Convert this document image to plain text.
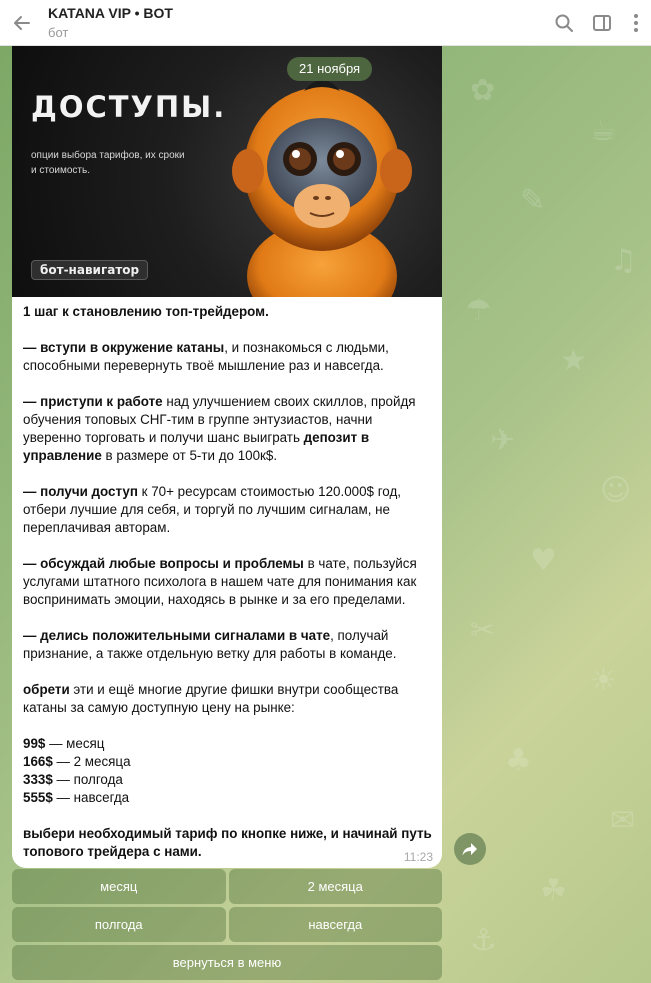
✿
☕
✎
♫
☂
★
✈
☺
♥
✂
☀
♣
✉
☘
⚓
KATANA VIP • BOT
бот
ДОСТУПЫ.
опции выбора тарифов, их сроки и стоимость.
бот-навигатор
21 ноября

1 шаг к становлению топ-трейдером.

— вступи в окружение катаны, и познакомься с людьми, способными перевернуть твоё мышление раз и навсегда.

— приступи к работе над улучшением своих скиллов, пройдя обучения топовых СНГ-тим в группе энтузиастов, начни уверенно торговать и получи шанс выиграть депозит в управление в размере от 5-ти до 100к$.

— получи доступ к 70+ ресурсам стоимостью 120.000$ год, отбери лучшие для себя, и торгуй по лучшим сигналам, не переплачивая авторам.

— обсуждай любые вопросы и проблемы в чате, пользуйся услугами штатного психолога в нашем чате для понимания как воспринимать эмоции, находясь в рынке и за его пределами.

— делись положительными сигналами в чате, получай признание, а также отдельную ветку для работы в команде.

обрети эти и ещё многие другие фишки внутри сообщества катаны за самую доступную цену на рынке:

99$ — месяц

166$ — 2 месяца

333$ — полгода

555$ — навсегда

выбери необходимый тариф по кнопке ниже, и начинай путь топового трейдера с нами.	11:23
месяц	2 месяца
полгода	навсегда
вернуться в меню
